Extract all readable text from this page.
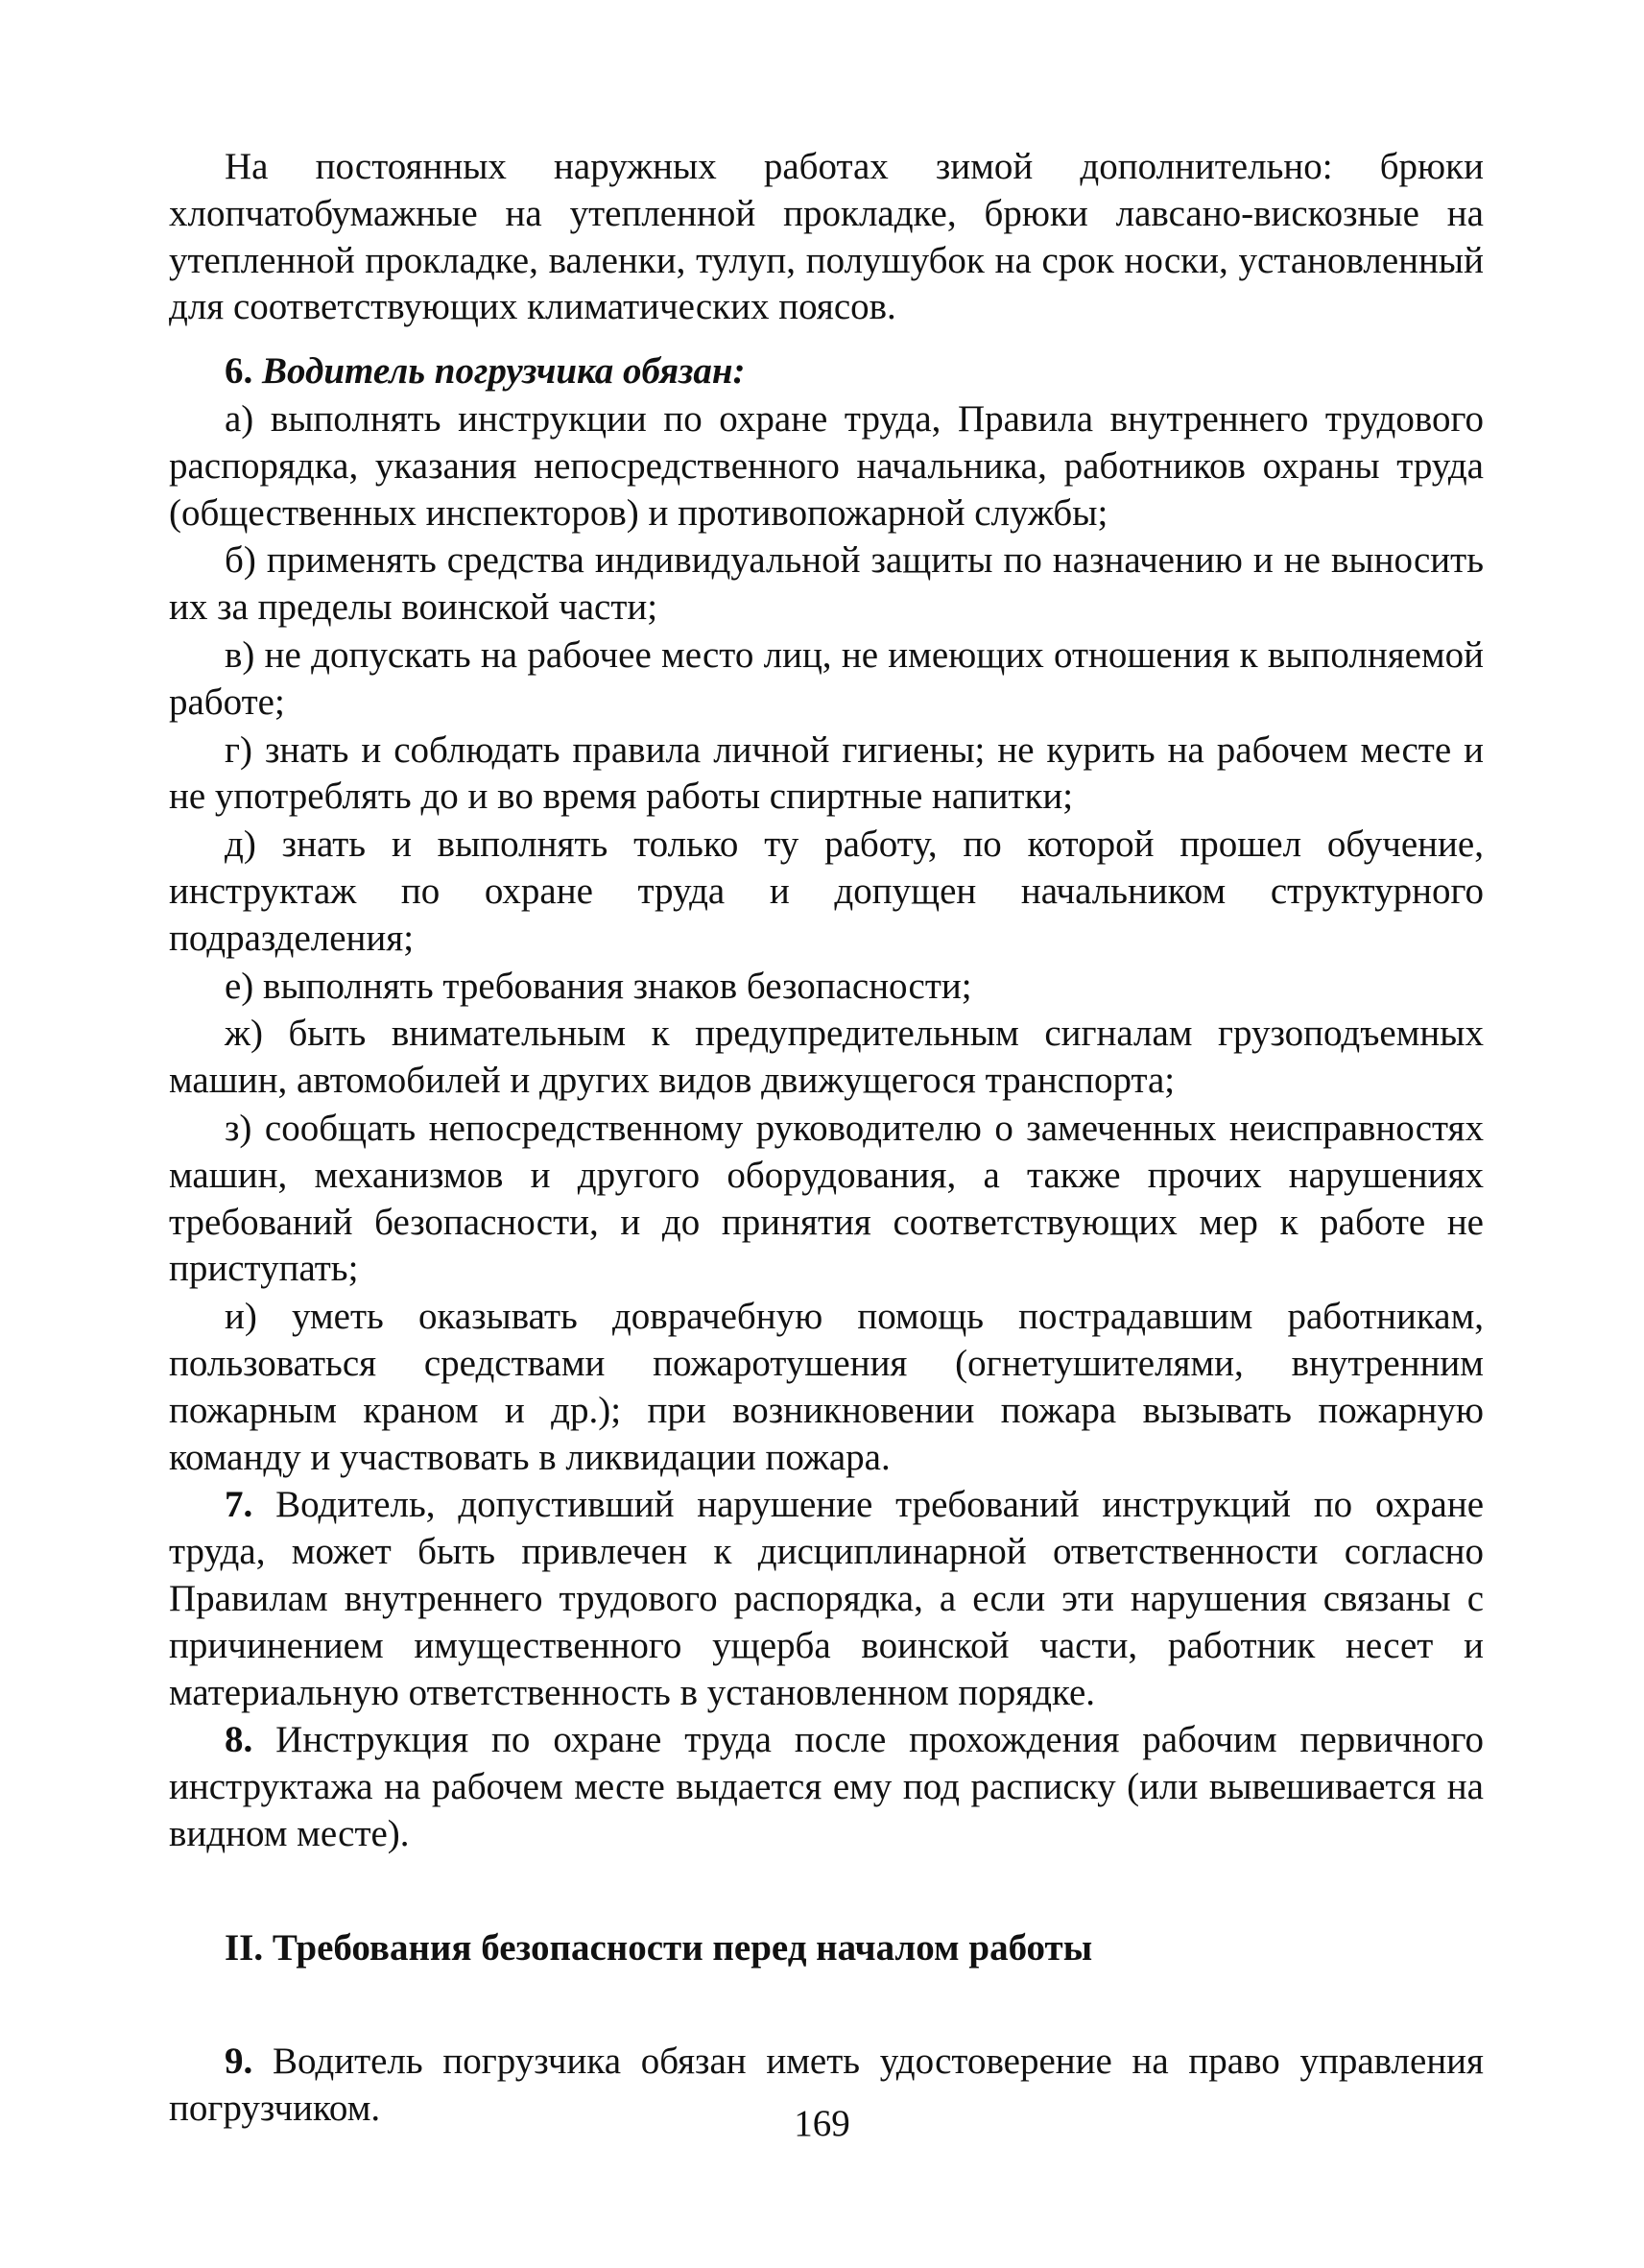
На постоянных наружных работах зимой дополнительно: брюки хлопчатобумажные на утепленной прокладке, брюки лавсано-вискозные на утепленной прокладке, валенки, тулуп, полушубок на срок носки, установленный для соответствующих климатических поясов.

6. Водитель погрузчика обязан:

а) выполнять инструкции по охране труда, Правила внутреннего трудового распорядка, указания непосредственного начальника, работников охраны труда (общественных инспекторов) и противопожарной службы;

б) применять средства индивидуальной защиты по назначению и не выносить их за пределы воинской части;

в) не допускать на рабочее место лиц, не имеющих отношения к выполняемой работе;

г) знать и соблюдать правила личной гигиены; не курить на рабочем месте и не употреблять до и во время работы спиртные напитки;

д) знать и выполнять только ту работу, по которой прошел обучение, инструктаж по охране труда и допущен начальником структурного подразделения;

е) выполнять требования знаков безопасности;

ж) быть внимательным к предупредительным сигналам грузоподъемных машин, автомобилей и других видов движущегося транспорта;

з) сообщать непосредственному руководителю о замеченных неисправностях машин, механизмов и другого оборудования, а также прочих нарушениях требований безопасности, и до принятия соответствующих мер к работе не приступать;

и) уметь оказывать доврачебную помощь пострадавшим работникам, пользоваться средствами пожаротушения (огнетушителями, внутренним пожарным краном и др.); при возникновении пожара вызывать пожарную команду и участвовать в ликвидации пожара.

7. Водитель, допустивший нарушение требований инструкций по охране труда, может быть привлечен к дисциплинарной ответственности согласно Правилам внутреннего трудового распорядка, а если эти нарушения связаны с причинением имущественного ущерба воинской части, работник несет и материальную ответственность в установленном порядке.

8. Инструкция по охране труда после прохождения рабочим первичного инструктажа на рабочем месте выдается ему под расписку (или вывешивается на видном месте).

II. Требования безопасности перед началом работы

9. Водитель погрузчика обязан иметь удостоверение на право управления погрузчиком.	169
